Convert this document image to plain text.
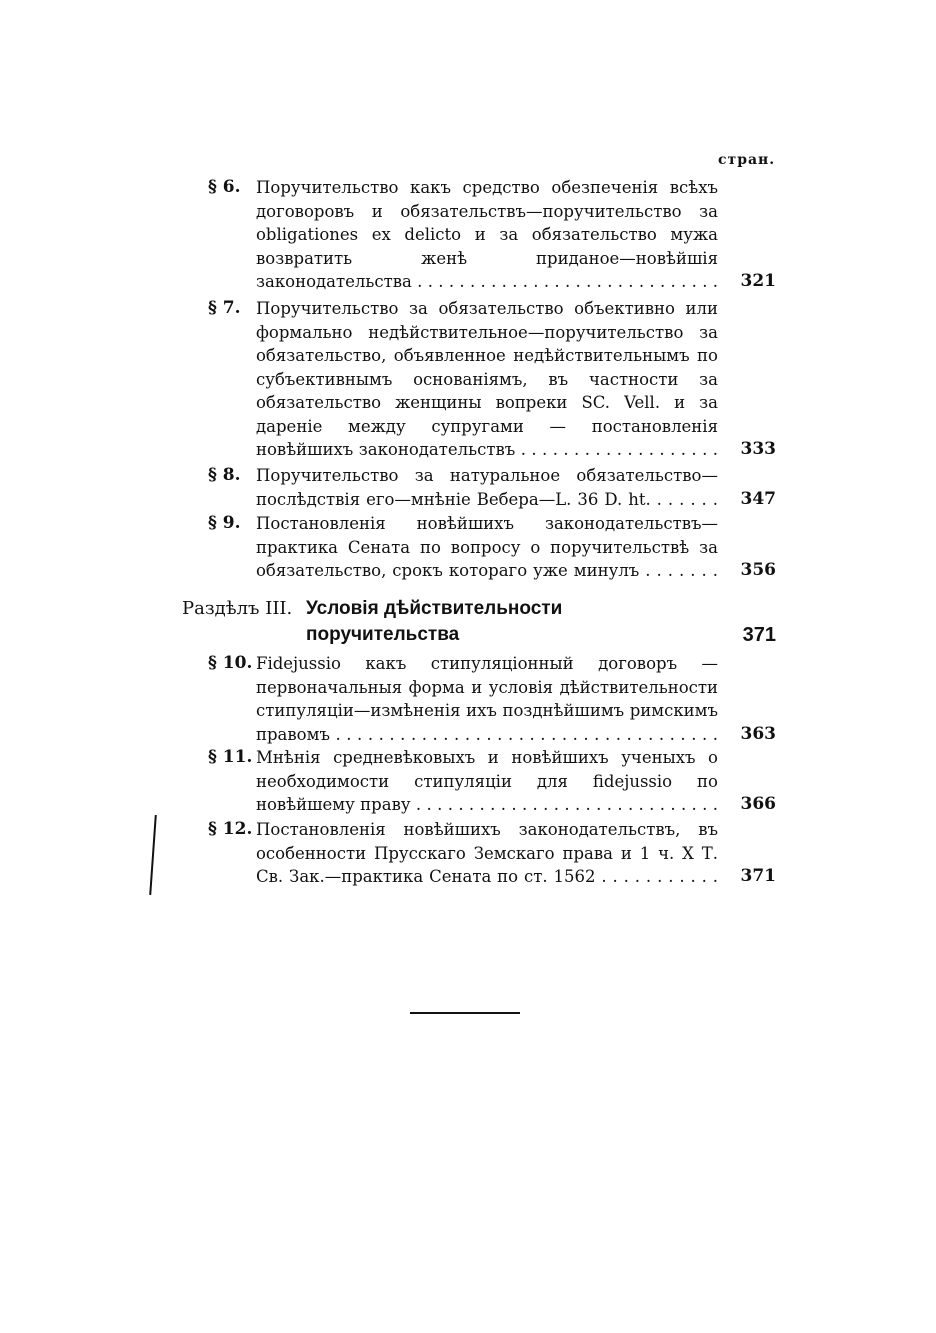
стран.
§ 6. Поручительство какъ средство обезпеченія всѣхъ договоровъ и обязательствъ—поручительство за obligationes ex delicto и за обязательство мужа возвратить женѣ приданое—новѣйшія законодательства . . .	321
§ 7. Поручительство за обязательство объективно или формально недѣйствительное—поручительство за обязательство, объявленное недѣйствительнымъ по субъективнымъ основаніямъ, въ частности за обязательство женщины вопреки SC. Vell. и за дареніе между супругами — постановленія новѣйшихъ законодательствъ . . .	333
§ 8. Поручительство за натуральное обязательство—послѣдствія его—мнѣніе Вебера—L. 36 D. ht. . . .	347
§ 9. Постановленія новѣйшихъ законодательствъ—практика Сената по вопросу о поручительствѣ за обязательство, срокъ котораго уже минулъ . . .	356
Раздѣлъ III. Условія дѣйствительности поручительства	371
§ 10. Fidejussio какъ стипуляціонный договоръ — первоначальныя форма и условія дѣйствительности стипуляціи—измѣненія ихъ позднѣйшимъ римскимъ правомъ . . .	363
§ 11. Мнѣнія средневѣковыхъ и новѣйшихъ ученыхъ о необходимости стипуляціи для fidejussio по новѣйшему праву . . .	366
§ 12. Постановленія новѣйшихъ законодательствъ, въ особенности Прусскаго Земскаго права и 1 ч. X Т. Св. Зак.—практика Сената по ст. 1562 . . .	371
